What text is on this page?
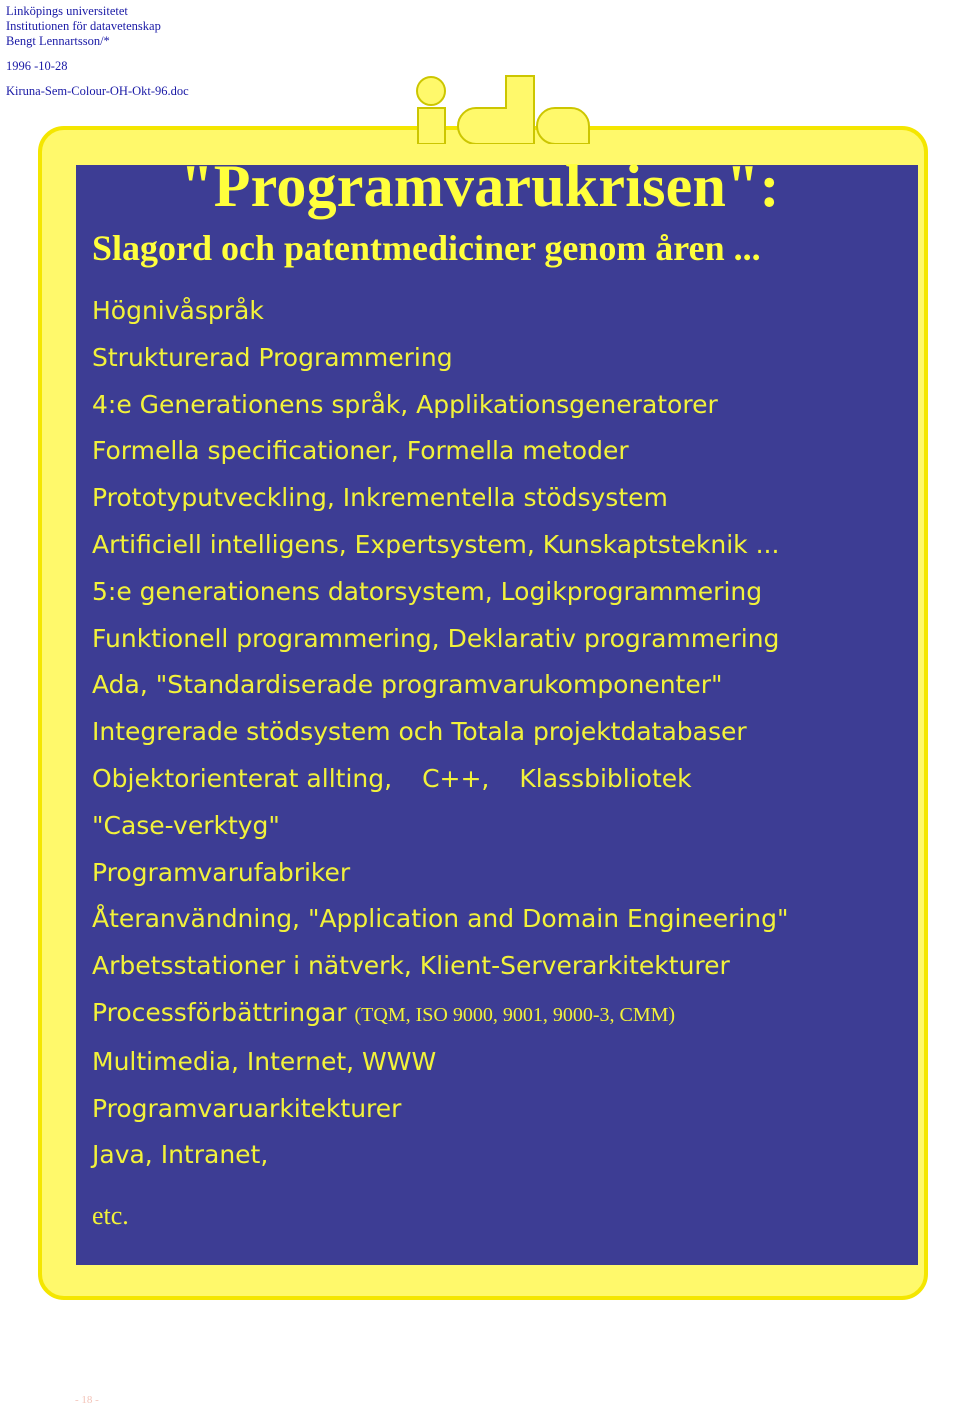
Linköpings universitetet
Institutionen för datavetenskap
Bengt Lennartsson/*
1996 -10-28
Kiruna-Sem-Colour-OH-Okt-96.doc
"Programvarukrisen":
Slagord och patentmediciner genom åren ...
Högnivåspråk
Strukturerad Programmering
4:e Generationens språk, Applikationsgeneratorer
Formella specificationer, Formella metoder
Prototyputveckling, Inkrementella stödsystem
Artificiell intelligens, Expertsystem, Kunskaptsteknik ...
5:e generationens datorsystem, Logikprogrammering
Funktionell programmering, Deklarativ programmering
Ada, "Standardiserade programvarukomponenter"
Integrerade stödsystem och Totala projektdatabaser
Objektorienterat allting, C++, Klassbibliotek
"Case-verktyg"
Programvarufabriker
Återanvändning, "Application and Domain Engineering"
Arbetsstationer i nätverk, Klient-Serverarkitekturer
Processförbättringar (TQM, ISO 9000, 9001, 9000-3, CMM)
Multimedia, Internet, WWW
Programvaruarkitekturer
Java, Intranet,
etc.
- 18 -
